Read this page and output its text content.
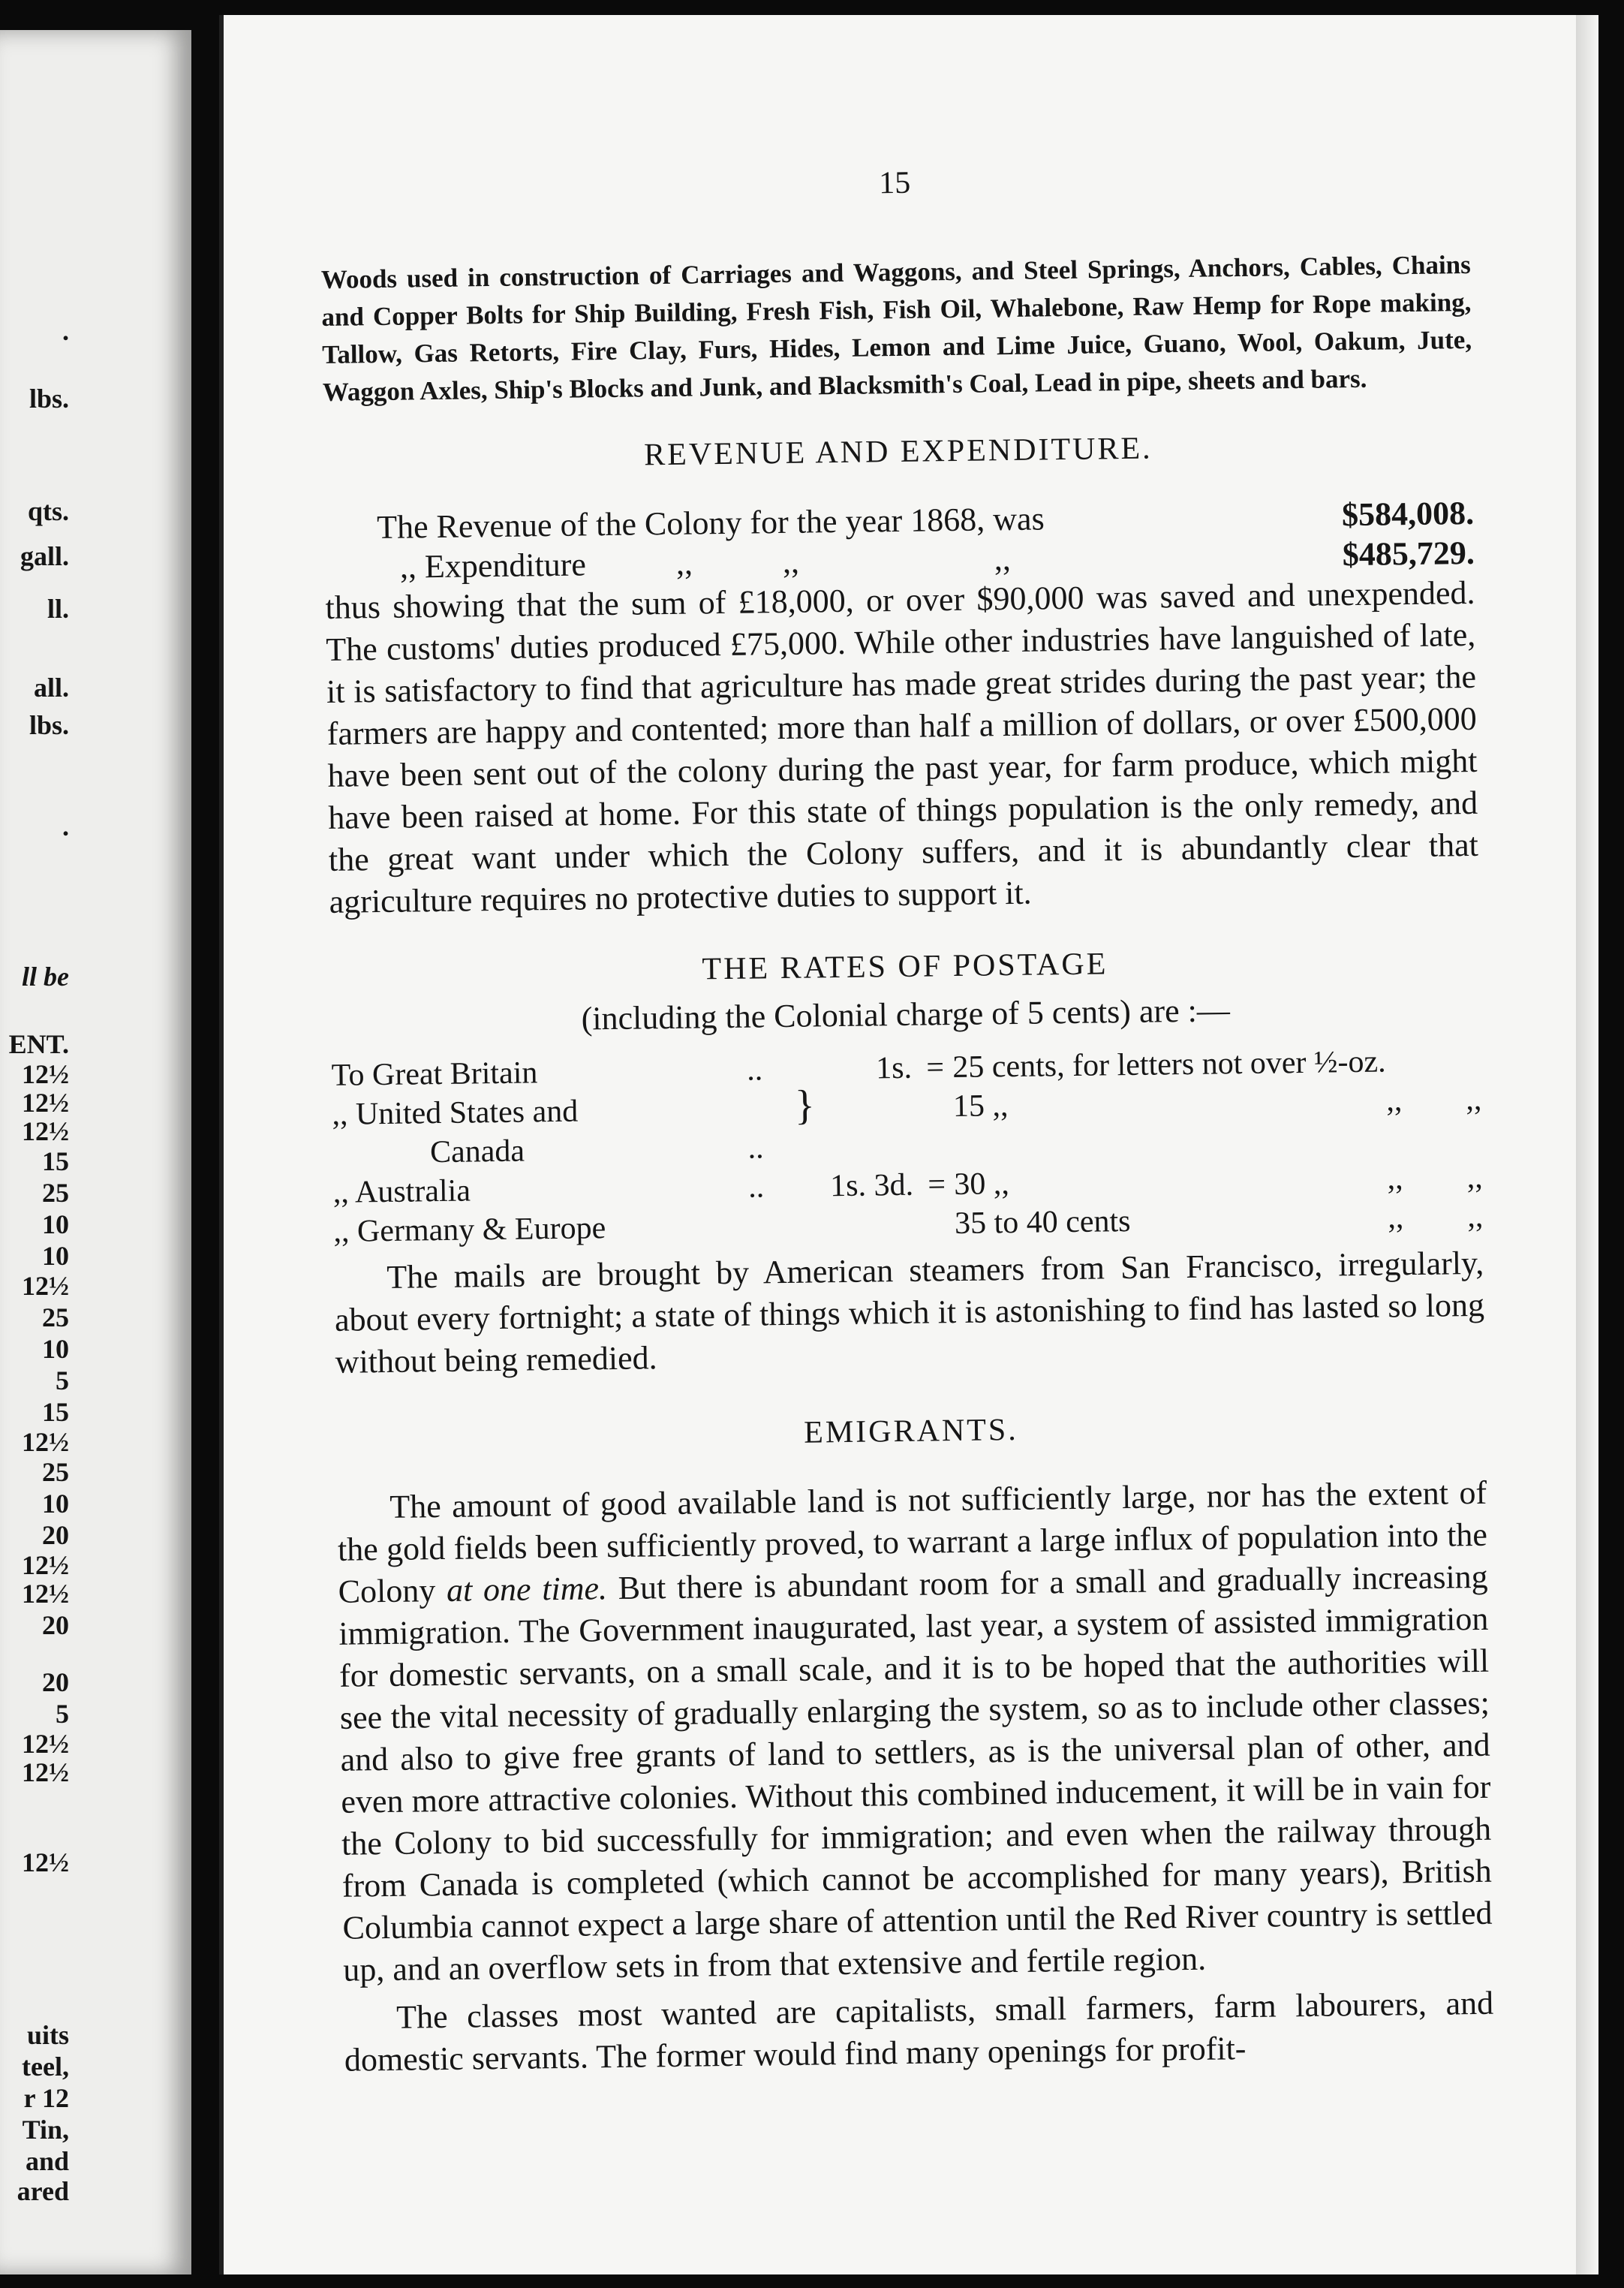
.
lbs.
qts.
gall.
ll.
all.
lbs.
.
ll be
ENT.
12½
12½
12½
15
25
10
10
12½
25
10
5
15
12½
25
10
20
12½
12½
20
20
5
12½
12½
12½
uits
teel,
r 12
Tin,
and
ared
15

Woods used in construction of Carriages and Waggons, and Steel Springs, Anchors, Cables, Chains and Copper Bolts for Ship Building, Fresh Fish, Fish Oil, Whalebone, Raw Hemp for Rope making, Tallow, Gas Retorts, Fire Clay, Furs, Hides, Lemon and Lime Juice, Guano, Wool, Oakum, Jute, Waggon Axles, Ship's Blocks and Junk, and Blacksmith's Coal, Lead in pipe, sheets and bars.

REVENUE AND EXPENDITURE.
The Revenue of the Colony for the year 1868, was	$584,008.
,, Expenditure	,,	,,	,,	$485,729.

thus showing that the sum of £18,000, or over $90,000 was saved and unexpended. The customs' duties produced £75,000. While other industries have languished of late, it is satisfactory to find that agriculture has made great strides during the past year; the farmers are happy and contented; more than half a million of dollars, or over £500,000 have been sent out of the colony during the past year, for farm produce, which might have been raised at home. For this state of things population is the only remedy, and the great want under which the Colony suffers, and it is abundantly clear that agriculture requires no protective duties to support it.

THE RATES OF POSTAGE
(including the Colonial charge of 5 cents) are :—
To Great Britain	..		1s.	=	25 cents, for letters not over ½-oz.		
,, United States and		}			15 ,,	,,	,,
Canada	..						
,, Australia	..		1s. 3d.	=	30 ,,	,,	,,
,, Germany & Europe					35 to 40 cents	,,	,,

The mails are brought by American steamers from San Francisco, irregularly, about every fortnight; a state of things which it is astonishing to find has lasted so long without being remedied.

EMIGRANTS.

The amount of good available land is not sufficiently large, nor has the extent of the gold fields been sufficiently proved, to warrant a large influx of population into the Colony at one time. But there is abundant room for a small and gradually increasing immigration. The Government inaugurated, last year, a system of assisted immigration for domestic servants, on a small scale, and it is to be hoped that the authorities will see the vital necessity of gradually enlarging the system, so as to include other classes; and also to give free grants of land to settlers, as is the universal plan of other, and even more attractive colonies. Without this combined inducement, it will be in vain for the Colony to bid successfully for immigration; and even when the railway through from Canada is completed (which cannot be accomplished for many years), British Columbia cannot expect a large share of attention until the Red River country is settled up, and an overflow sets in from that extensive and fertile region.

The classes most wanted are capitalists, small farmers, farm labourers, and domestic servants. The former would find many openings for profit-
